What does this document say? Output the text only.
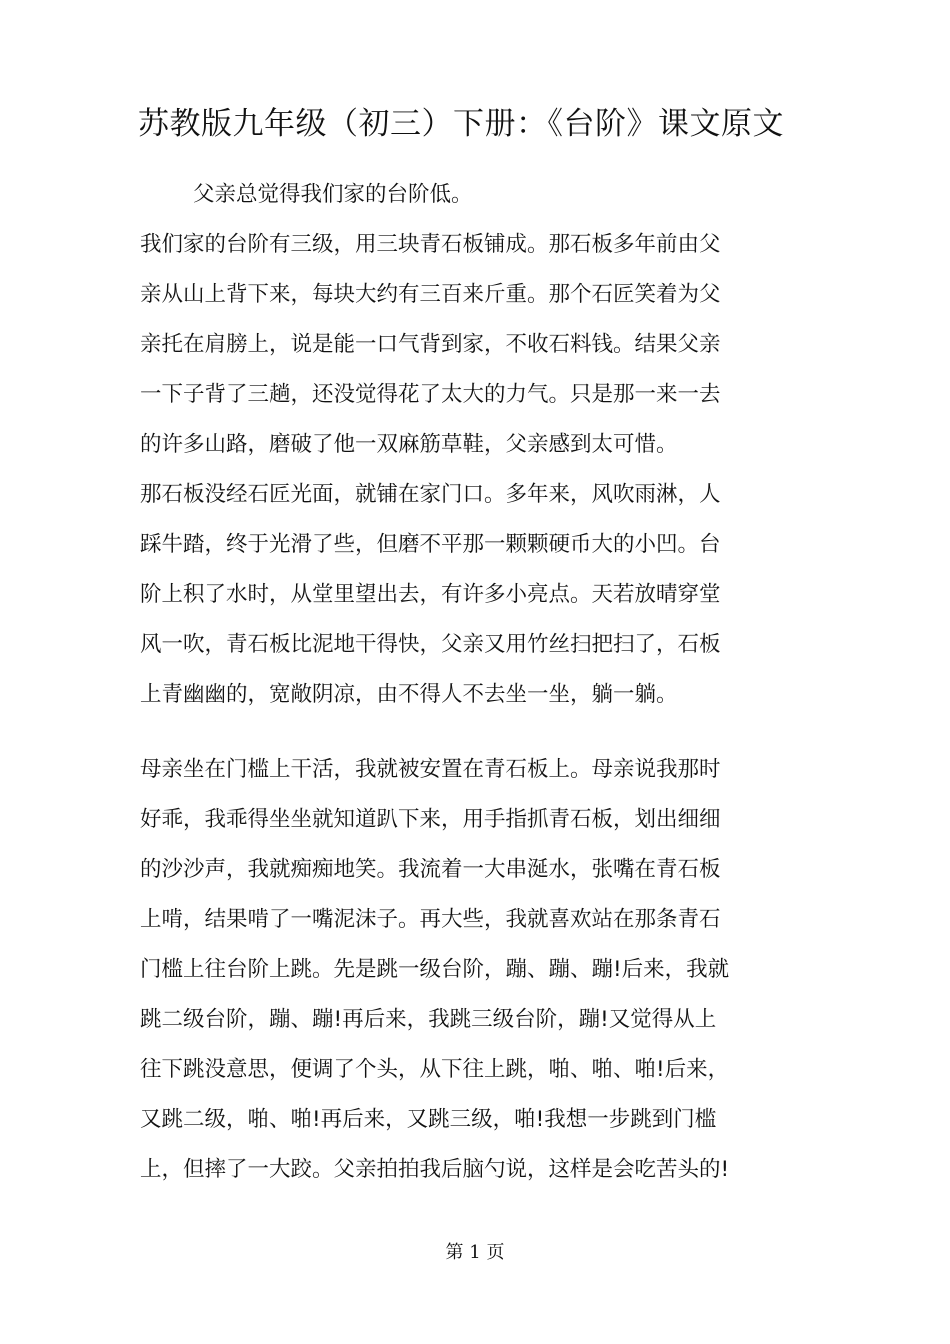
苏教版九年级（初三）下册：《台阶》课文原文

父亲总觉得我们家的台阶低。

我们家的台阶有三级，用三块青石板铺成。那石板多年前由父

亲从山上背下来，每块大约有三百来斤重。那个石匠笑着为父

亲托在肩膀上，说是能一口气背到家，不收石料钱。结果父亲

一下子背了三趟，还没觉得花了太大的力气。只是那一来一去

的许多山路，磨破了他一双麻筋草鞋，父亲感到太可惜。

那石板没经石匠光面，就铺在家门口。多年来，风吹雨淋，人

踩牛踏，终于光滑了些，但磨不平那一颗颗硬币大的小凹。台

阶上积了水时，从堂里望出去，有许多小亮点。天若放晴穿堂

风一吹，青石板比泥地干得快，父亲又用竹丝扫把扫了，石板

上青幽幽的，宽敞阴凉，由不得人不去坐一坐，躺一躺。

母亲坐在门槛上干活，我就被安置在青石板上。母亲说我那时

好乖，我乖得坐坐就知道趴下来，用手指抓青石板，划出细细

的沙沙声，我就痴痴地笑。我流着一大串涎水，张嘴在青石板

上啃，结果啃了一嘴泥沫子。再大些，我就喜欢站在那条青石

门槛上往台阶上跳。先是跳一级台阶，蹦、蹦、蹦!后来，我就

跳二级台阶，蹦、蹦!再后来，我跳三级台阶，蹦!又觉得从上

往下跳没意思，便调了个头，从下往上跳，啪、啪、啪!后来，

又跳二级，啪、啪!再后来，又跳三级，啪!我想一步跳到门槛

上，但摔了一大跤。父亲拍拍我后脑勺说，这样是会吃苦头的!

第 1 页
